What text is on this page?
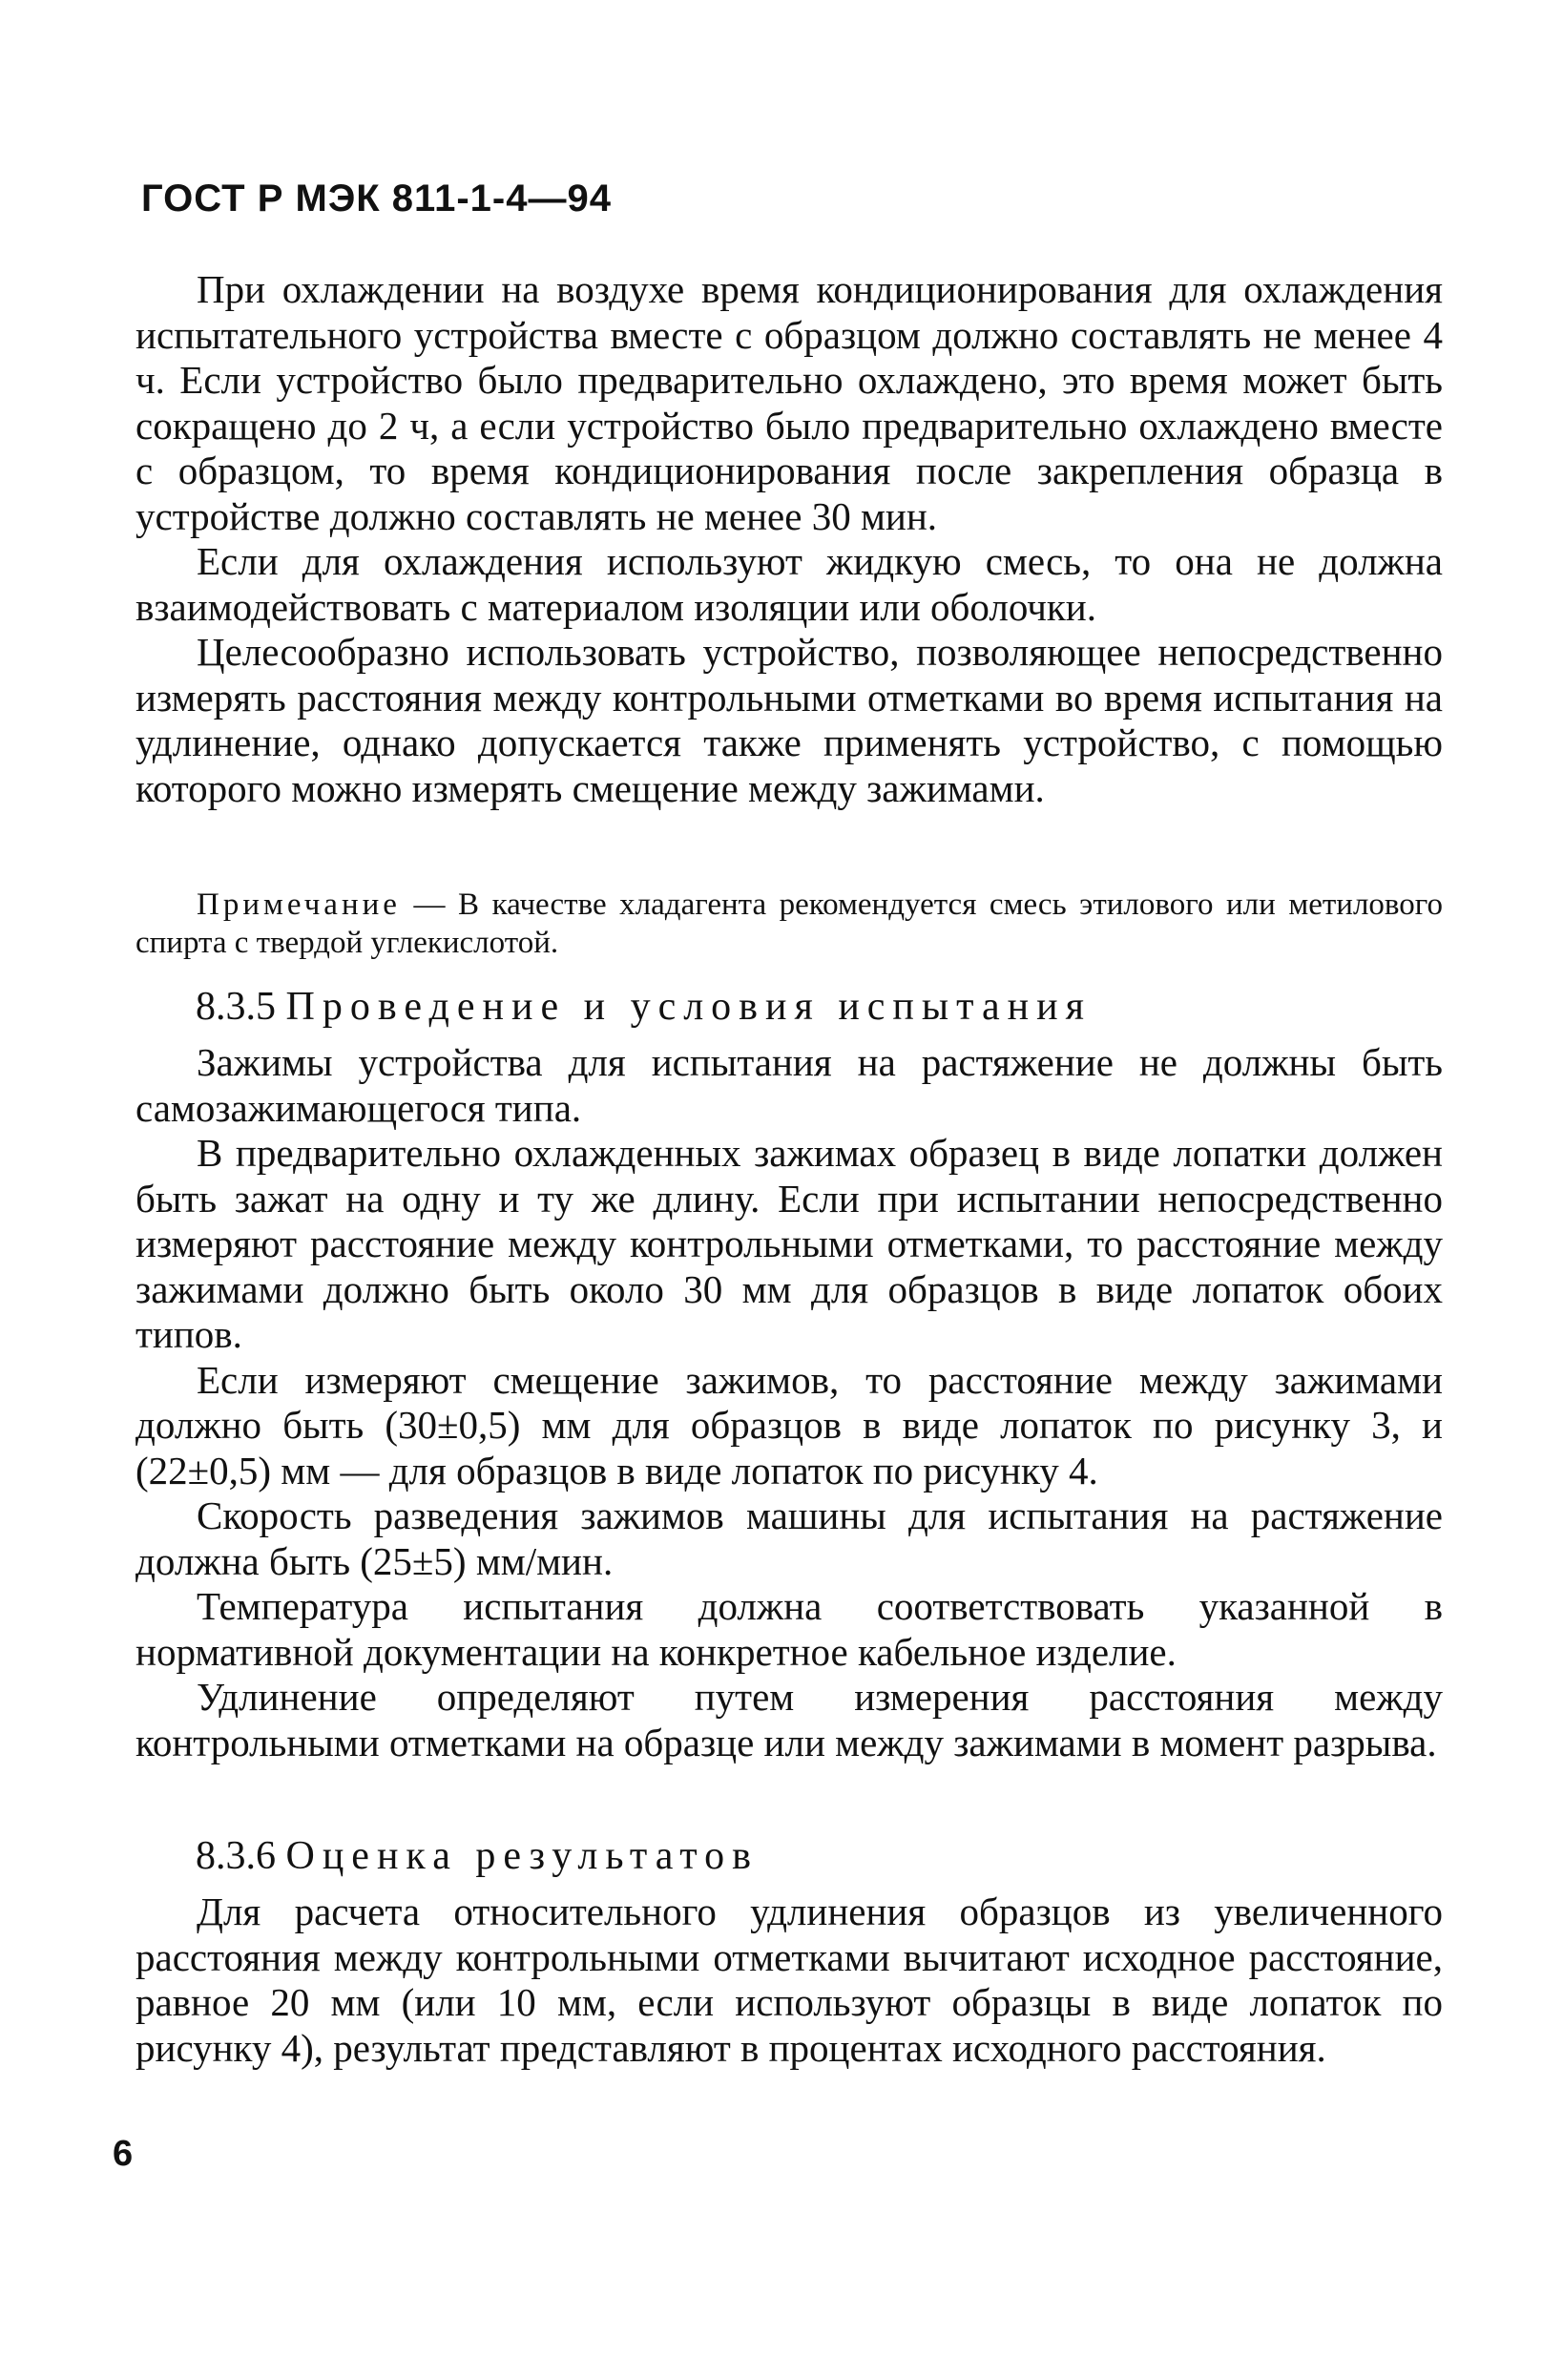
ГОСТ Р МЭК 811-1-4—94

При охлаждении на воздухе время кондиционирования для охлаждения испытательного устройства вместе с образцом должно составлять не менее 4 ч. Если устройство было предварительно охлаждено, это время может быть сокращено до 2 ч, а если устройство было предварительно охлаждено вместе с образцом, то время кондиционирования после закрепления образца в устройстве должно составлять не менее 30 мин.

Если для охлаждения используют жидкую смесь, то она не должна взаимодействовать с материалом изоляции или оболочки.

Целесообразно использовать устройство, позволяющее непосредственно измерять расстояния между контрольными отметками во время испытания на удлинение, однако допускается также применять устройство, с помощью которого можно измерять смещение между зажимами.

Примечание — В качестве хладагента рекомендуется смесь этилового или метилового спирта с твердой углекислотой.
8.3.5 Проведение и условия испытания

Зажимы устройства для испытания на растяжение не должны быть самозажимающегося типа.

В предварительно охлажденных зажимах образец в виде лопатки должен быть зажат на одну и ту же длину. Если при испытании непосредственно измеряют расстояние между контрольными отметками, то расстояние между зажимами должно быть около 30 мм для образцов в виде лопаток обоих типов.

Если измеряют смещение зажимов, то расстояние между зажимами должно быть (30±0,5) мм для образцов в виде лопаток по рисунку 3, и (22±0,5) мм — для образцов в виде лопаток по рисунку 4.

Скорость разведения зажимов машины для испытания на растяжение должна быть (25±5) мм/мин.

Температура испытания должна соответствовать указанной в нормативной документации на конкретное кабельное изделие.

Удлинение определяют путем измерения расстояния между контрольными отметками на образце или между зажимами в момент разрыва.

8.3.6 Оценка результатов

Для расчета относительного удлинения образцов из увеличенного расстояния между контрольными отметками вычитают исходное расстояние, равное 20 мм (или 10 мм, если используют образцы в виде лопаток по рисунку 4), результат представляют в процентах исходного расстояния.

6
